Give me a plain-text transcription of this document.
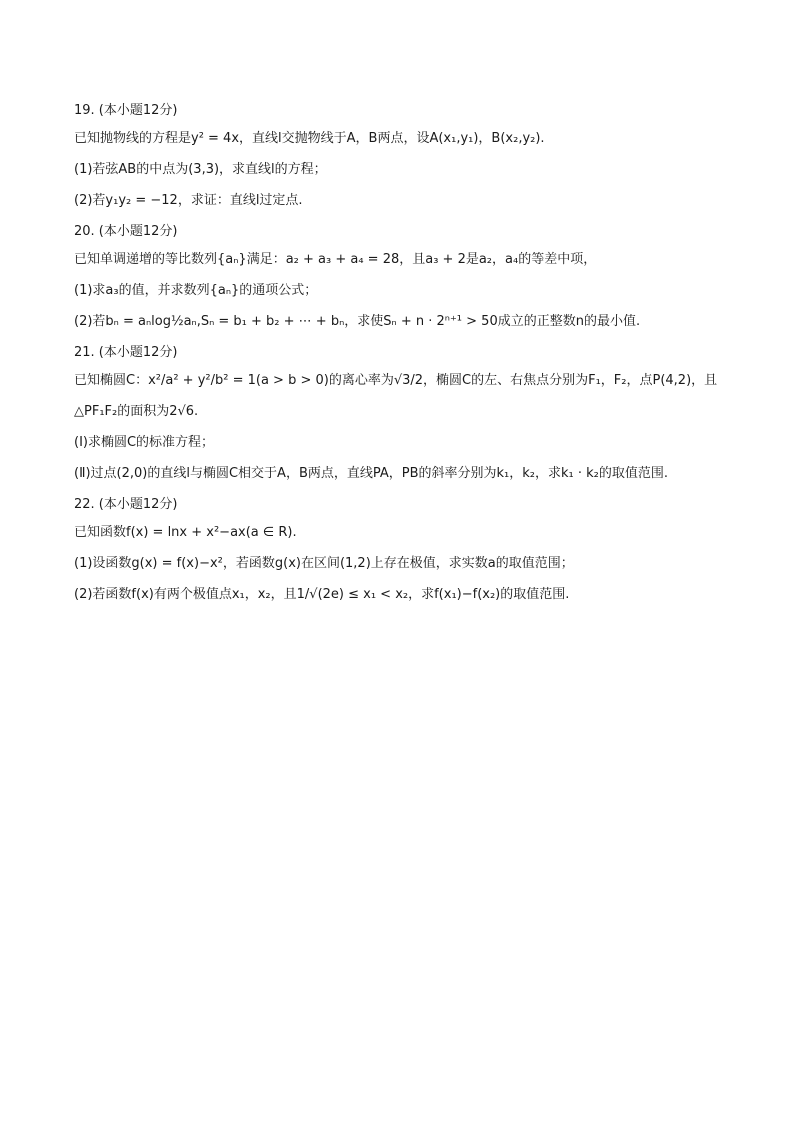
19. (本小题12分)
已知抛物线的方程是y² = 4x，直线l交抛物线于A，B两点，设A(x₁,y₁)，B(x₂,y₂).
(1)若弦AB的中点为(3,3)，求直线l的方程；
(2)若y₁y₂ = −12，求证：直线l过定点.
20. (本小题12分)
已知单调递增的等比数列{aₙ}满足：a₂ + a₃ + a₄ = 28，且a₃ + 2是a₂，a₄的等差中项，
(1)求a₃的值，并求数列{aₙ}的通项公式；
(2)若bₙ = aₙlog½aₙ,Sₙ = b₁ + b₂ + ⋯ + bₙ，求使Sₙ + n · 2ⁿ⁺¹ > 50成立的正整数n的最小值.
21. (本小题12分)
已知椭圆C：x²/a² + y²/b² = 1(a > b > 0)的离心率为√3/2，椭圆C的左、右焦点分别为F₁，F₂，点P(4,2)，且
△PF₁F₂的面积为2√6.
(Ⅰ)求椭圆C的标准方程；
(Ⅱ)过点(2,0)的直线l与椭圆C相交于A，B两点，直线PA，PB的斜率分别为k₁，k₂，求k₁ · k₂的取值范围.
22. (本小题12分)
已知函数f(x) = lnx + x²−ax(a ∈ R).
(1)设函数g(x) = f(x)−x²，若函数g(x)在区间(1,2)上存在极值，求实数a的取值范围；
(2)若函数f(x)有两个极值点x₁，x₂，且1/√(2e) ≤ x₁ < x₂，求f(x₁)−f(x₂)的取值范围.
